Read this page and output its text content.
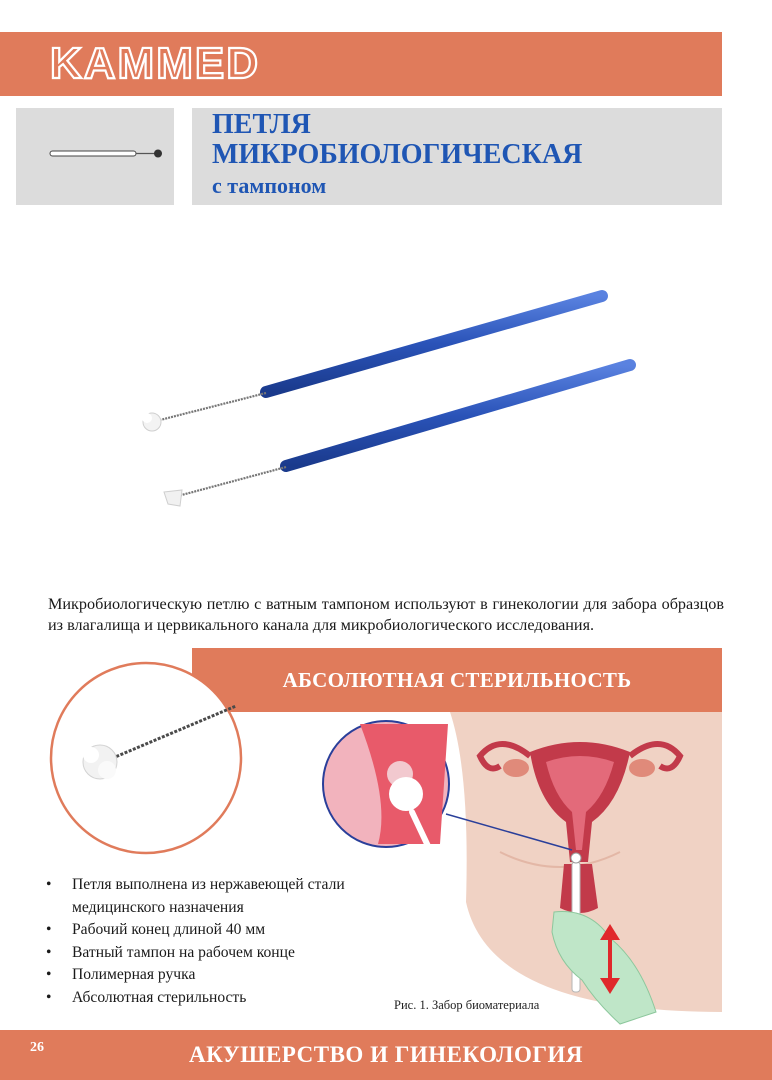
KAMMED
ПЕТЛЯ
МИКРОБИОЛОГИЧЕСКАЯ
с тампоном
Микробиологическую петлю с ватным тампоном используют в гинекологии для забора образцов из влагалища и цервикального канала для микробиологического исследования.
АБСОЛЮТНАЯ СТЕРИЛЬНОСТЬ
• Петля выполнена из нержавеющей стали медицинского назначения
• Рабочий конец длиной 40 мм
• Ватный тампон на рабочем конце
• Полимерная ручка
• Абсолютная стерильность	Рис. 1. Забор биоматериала
26	АКУШЕРСТВО И ГИНЕКОЛОГИЯ
